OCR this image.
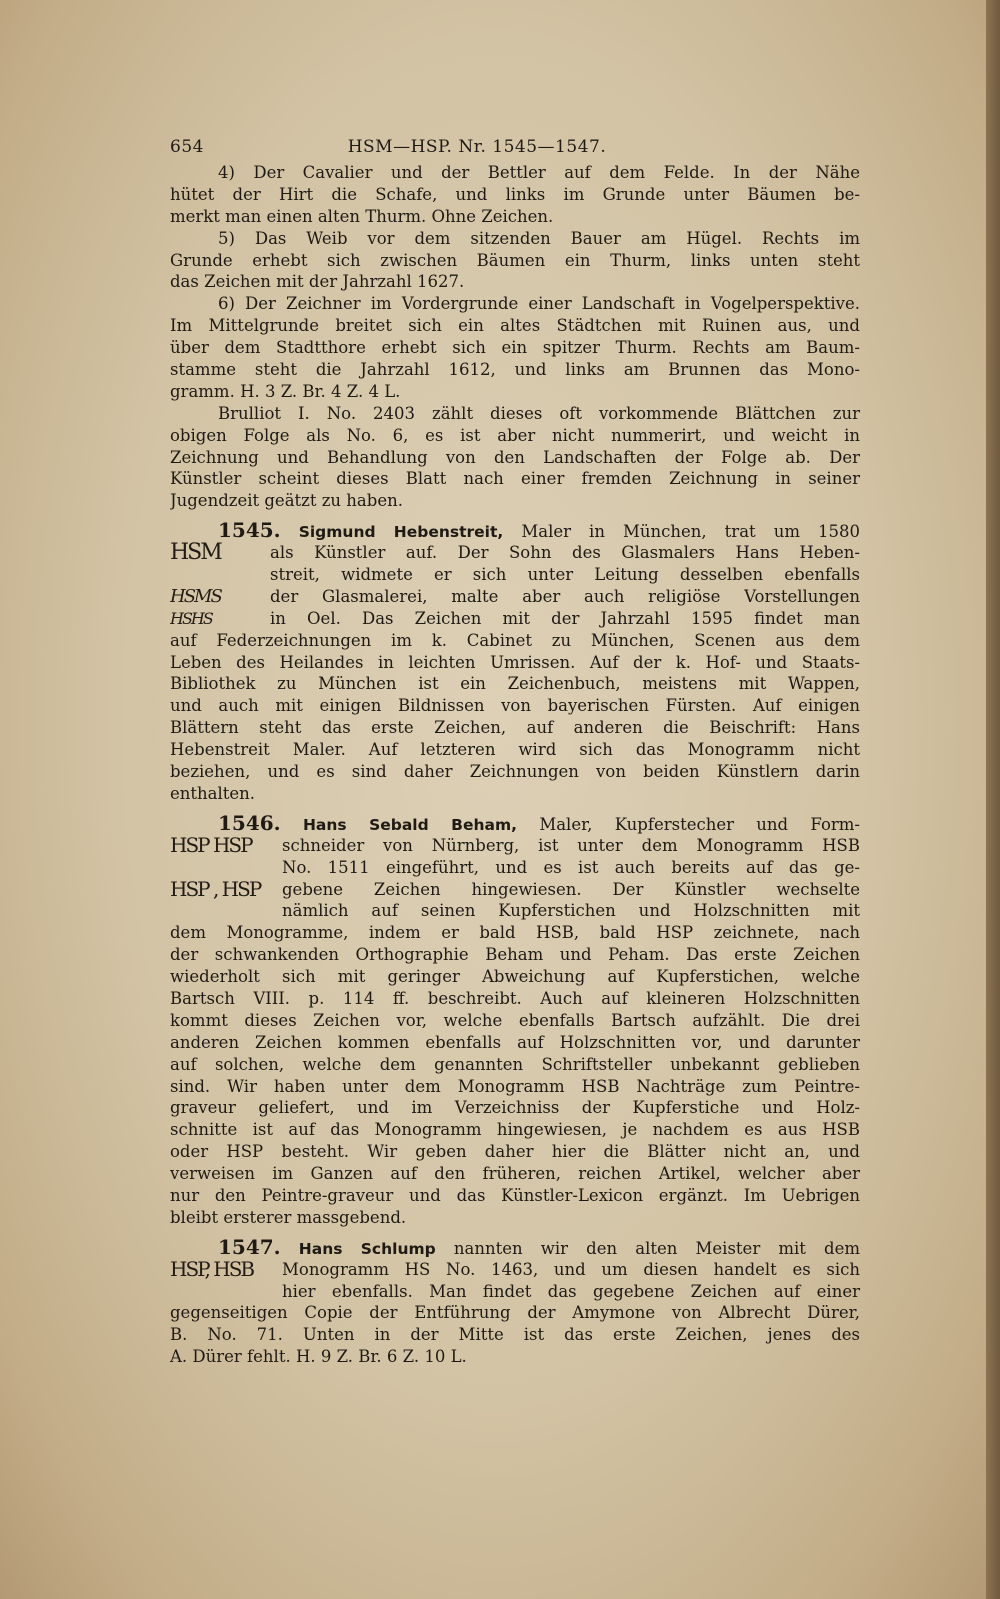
654	HSM—HSP. Nr. 1545—1547.
4) Der Cavalier und der Bettler auf dem Felde. In der Nähe
hütet der Hirt die Schafe, und links im Grunde unter Bäumen be-
merkt man einen alten Thurm. Ohne Zeichen.
5) Das Weib vor dem sitzenden Bauer am Hügel. Rechts im
Grunde erhebt sich zwischen Bäumen ein Thurm, links unten steht
das Zeichen mit der Jahrzahl 1627.
6) Der Zeichner im Vordergrunde einer Landschaft in Vogelperspektive.
Im Mittelgrunde breitet sich ein altes Städtchen mit Ruinen aus, und
über dem Stadtthore erhebt sich ein spitzer Thurm. Rechts am Baum-
stamme steht die Jahrzahl 1612, und links am Brunnen das Mono-
gramm. H. 3 Z. Br. 4 Z. 4 L.
Brulliot I. No. 2403 zählt dieses oft vorkommende Blättchen zur
obigen Folge als No. 6, es ist aber nicht nummerirt, und weicht in
Zeichnung und Behandlung von den Landschaften der Folge ab. Der
Künstler scheint dieses Blatt nach einer fremden Zeichnung in seiner
Jugendzeit geätzt zu haben.
1545. Sigmund Hebenstreit, Maler in München, trat um 1580
HSM	als Künstler auf. Der Sohn des Glasmalers Hans Heben-
streit, widmete er sich unter Leitung desselben ebenfalls
HSMS	der Glasmalerei, malte aber auch religiöse Vorstellungen
HSHS	in Oel. Das Zeichen mit der Jahrzahl 1595 findet man
auf Federzeichnungen im k. Cabinet zu München, Scenen aus dem
Leben des Heilandes in leichten Umrissen. Auf der k. Hof- und Staats-
Bibliothek zu München ist ein Zeichenbuch, meistens mit Wappen,
und auch mit einigen Bildnissen von bayerischen Fürsten. Auf einigen
Blättern steht das erste Zeichen, auf anderen die Beischrift: Hans
Hebenstreit Maler. Auf letzteren wird sich das Monogramm nicht
beziehen, und es sind daher Zeichnungen von beiden Künstlern darin
enthalten.
1546. Hans Sebald Beham, Maler, Kupferstecher und Form-
HSP HSP	schneider von Nürnberg, ist unter dem Monogramm HSB
No. 1511 eingeführt, und es ist auch bereits auf das ge-
HSP , HSP	gebene Zeichen hingewiesen. Der Künstler wechselte
nämlich auf seinen Kupferstichen und Holzschnitten mit
dem Monogramme, indem er bald HSB, bald HSP zeichnete, nach
der schwankenden Orthographie Beham und Peham. Das erste Zeichen
wiederholt sich mit geringer Abweichung auf Kupferstichen, welche
Bartsch VIII. p. 114 ff. beschreibt. Auch auf kleineren Holzschnitten
kommt dieses Zeichen vor, welche ebenfalls Bartsch aufzählt. Die drei
anderen Zeichen kommen ebenfalls auf Holzschnitten vor, und darunter
auf solchen, welche dem genannten Schriftsteller unbekannt geblieben
sind. Wir haben unter dem Monogramm HSB Nachträge zum Peintre-
graveur geliefert, und im Verzeichniss der Kupferstiche und Holz-
schnitte ist auf das Monogramm hingewiesen, je nachdem es aus HSB
oder HSP besteht. Wir geben daher hier die Blätter nicht an, und
verweisen im Ganzen auf den früheren, reichen Artikel, welcher aber
nur den Peintre-graveur und das Künstler-Lexicon ergänzt. Im Uebrigen
bleibt ersterer massgebend.
1547. Hans Schlump nannten wir den alten Meister mit dem
HSP, HSB	Monogramm HS No. 1463, und um diesen handelt es sich
hier ebenfalls. Man findet das gegebene Zeichen auf einer
gegenseitigen Copie der Entführung der Amymone von Albrecht Dürer,
B. No. 71. Unten in der Mitte ist das erste Zeichen, jenes des
A. Dürer fehlt. H. 9 Z. Br. 6 Z. 10 L.
